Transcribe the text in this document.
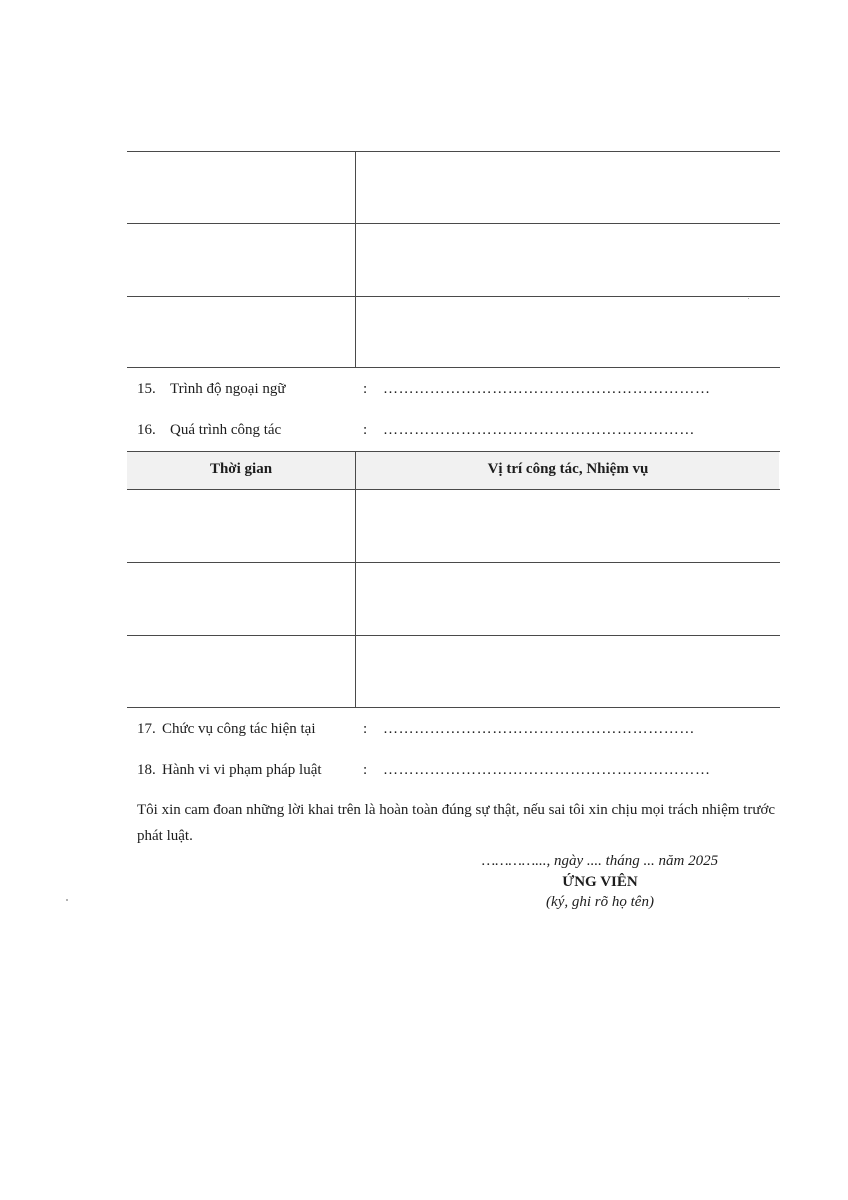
15. Trình độ ngoại ngữ	: ………………………………………………………
16. Quá trình công tác	: ……………………………………………………
Thời gian	Vị trí công tác, Nhiệm vụ
17. Chức vụ công tác hiện tại	: ……………………………………………………
18. Hành vi vi phạm pháp luật	: ………………………………………………………
Tôi xin cam đoan những lời khai trên là hoàn toàn đúng sự thật, nếu sai tôi xin chịu mọi trách nhiệm trước phát luật.
…………..., ngày .... tháng ... năm 2025
ỨNG VIÊN
(ký, ghi rõ họ tên)
